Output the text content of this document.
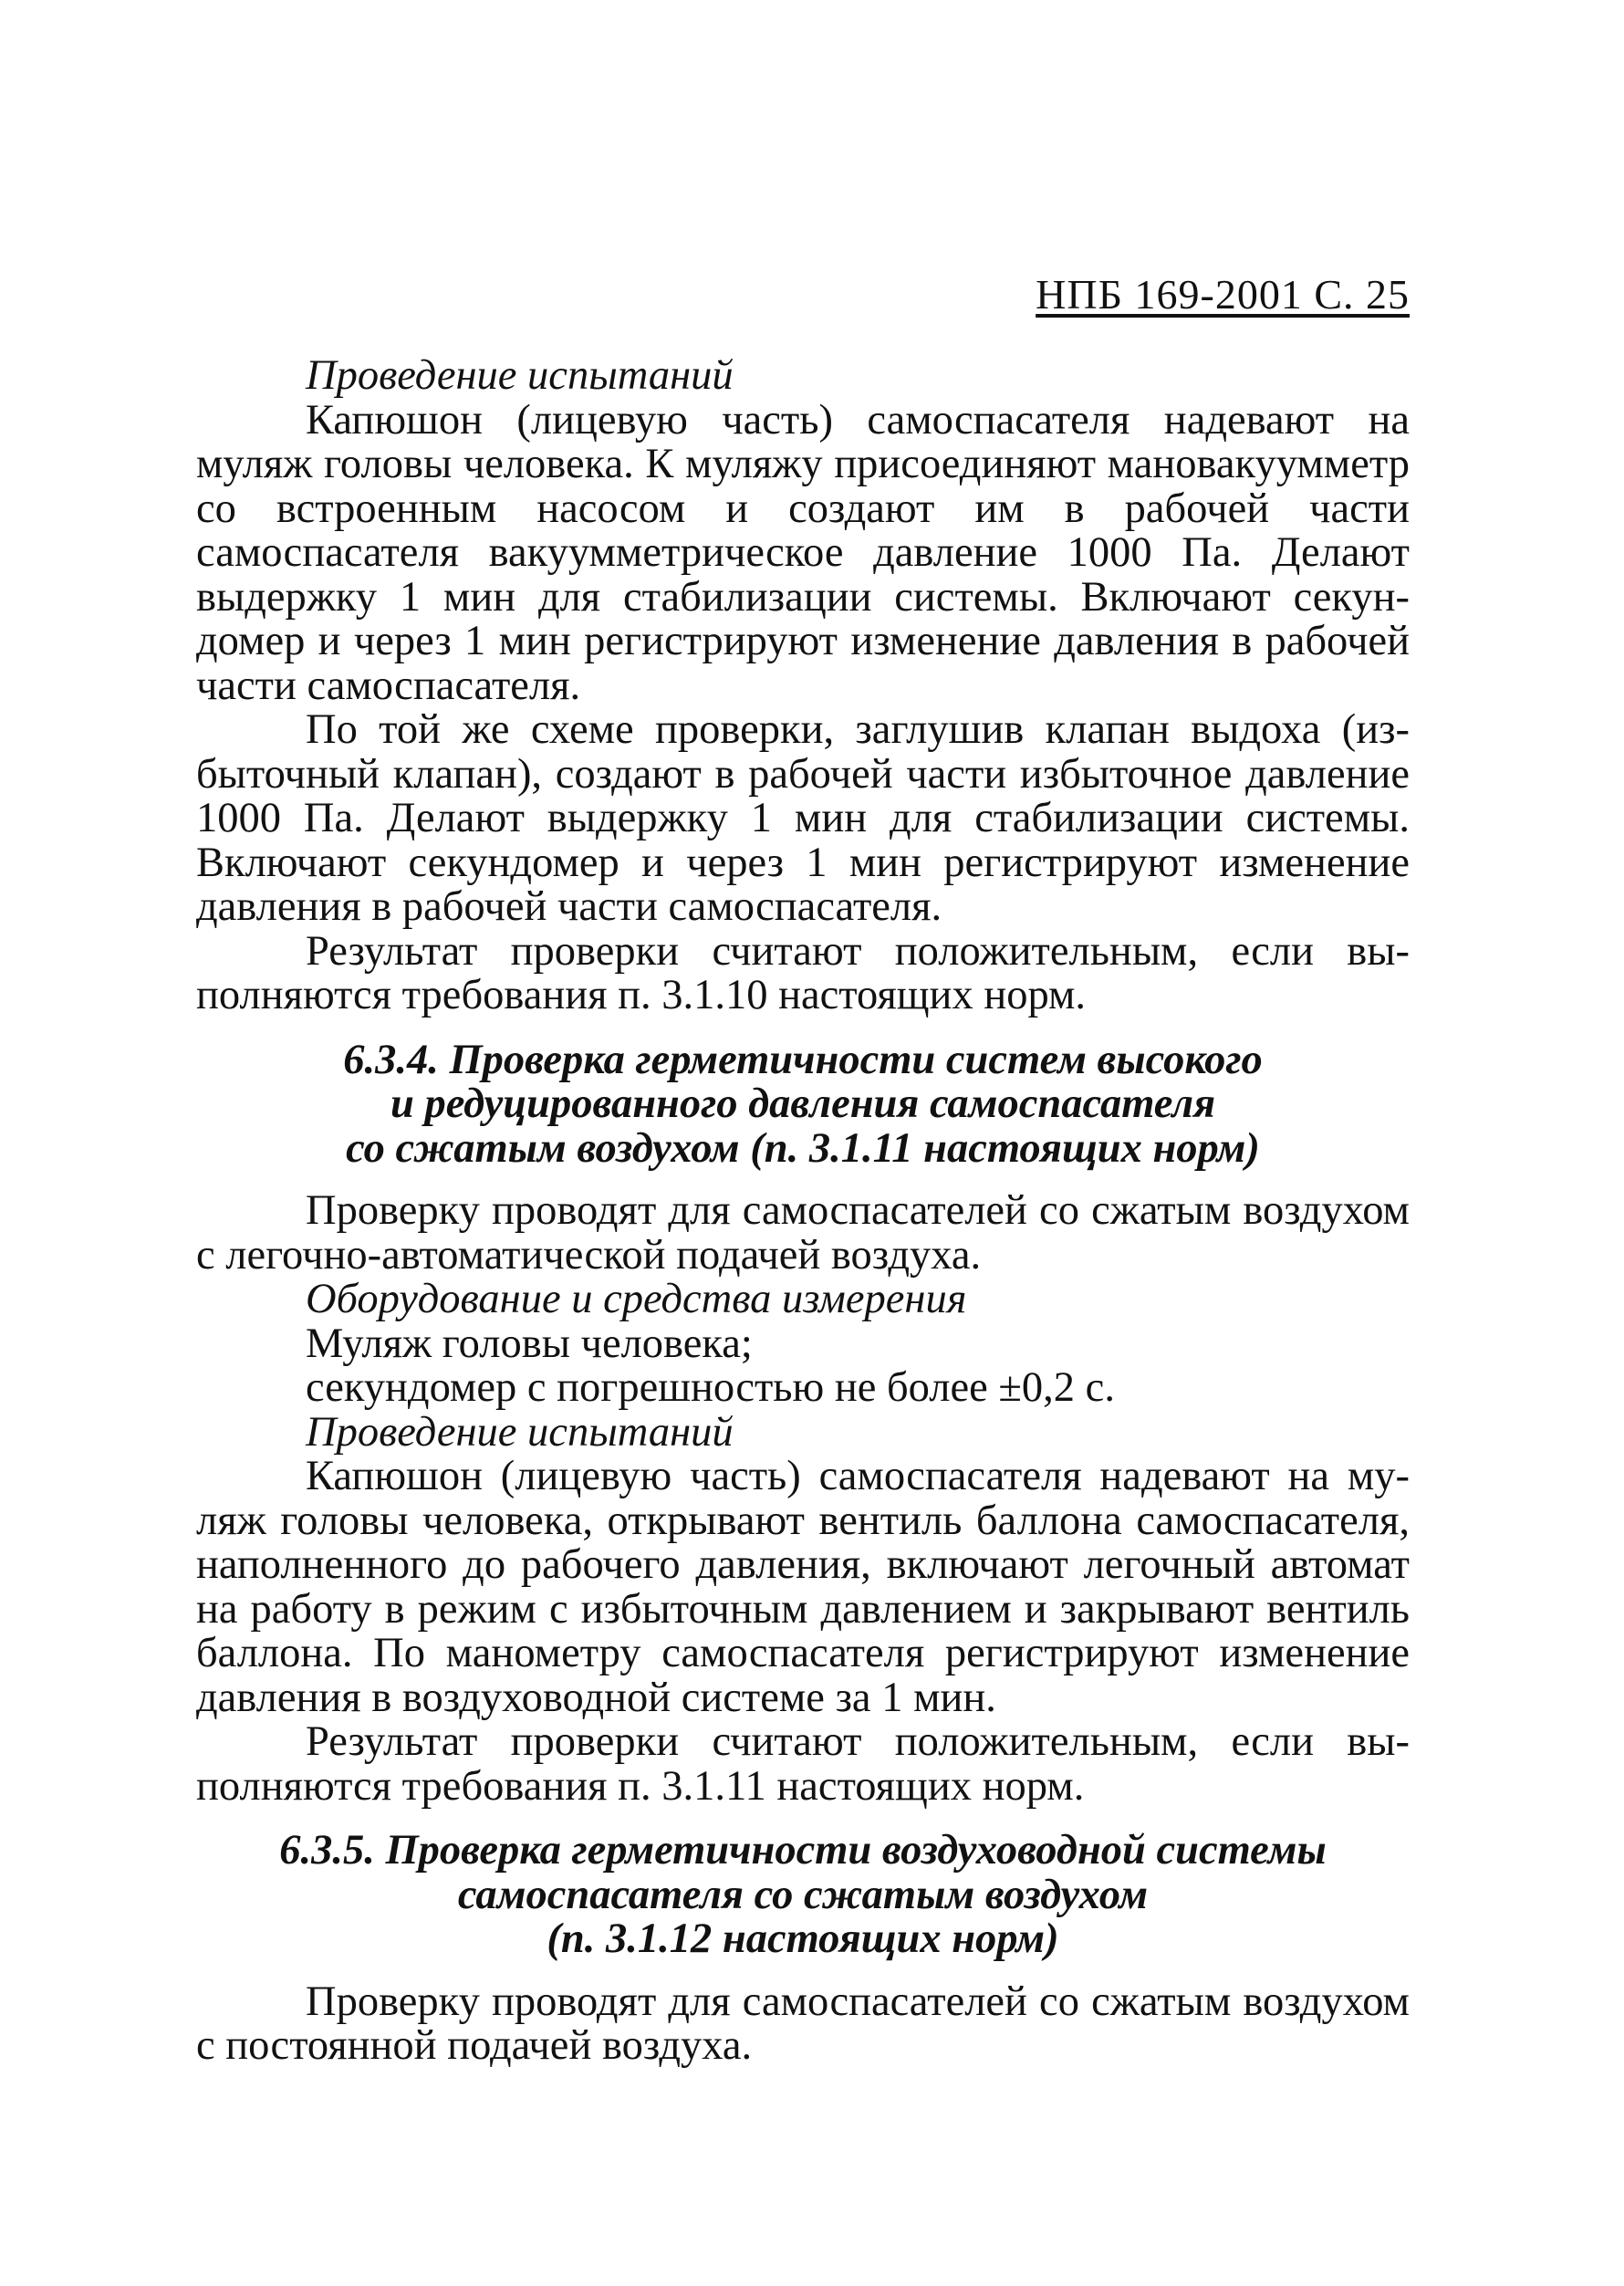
НПБ 169-2001 С. 25

Проведение испытаний

Капюшон (лицевую часть) самоспасателя надевают на муляж головы человека. К муляжу присоединяют мановакуумметр со встроенным насосом и создают им в рабочей части самоспасателя вакуумметрическое давление 1000 Па. Делают выдержку 1 мин для стабилизации системы. Включают секундомер и через 1 мин регистрируют изменение давления в рабочей части самоспасателя.

По той же схеме проверки, заглушив клапан выдоха (избыточный клапан), создают в рабочей части избыточное давление 1000 Па. Делают выдержку 1 мин для стабилизации системы. Включают секундомер и через 1 мин регистрируют изменение давления в рабочей части самоспасателя.

Результат проверки считают положительным, если выполняются требования п. 3.1.10 настоящих норм.

6.3.4. Проверка герметичности систем высокого
и редуцированного давления самоспасателя
со сжатым воздухом (п. 3.1.11 настоящих норм)

Проверку проводят для самоспасателей со сжатым воздухом с легочно-автоматической подачей воздуха.

Оборудование и средства измерения

Муляж головы человека;

секундомер с погрешностью не более ±0,2 с.

Проведение испытаний

Капюшон (лицевую часть) самоспасателя надевают на муляж головы человека, открывают вентиль баллона самоспасателя, наполненного до рабочего давления, включают легочный автомат на работу в режим с избыточным давлением и закрывают вентиль баллона. По манометру самоспасателя регистрируют изменение давления в воздуховодной системе за 1 мин.

Результат проверки считают положительным, если выполняются требования п. 3.1.11 настоящих норм.

6.3.5. Проверка герметичности воздуховодной системы
самоспасателя со сжатым воздухом
(п. 3.1.12 настоящих норм)

Проверку проводят для самоспасателей со сжатым воздухом с постоянной подачей воздуха.
